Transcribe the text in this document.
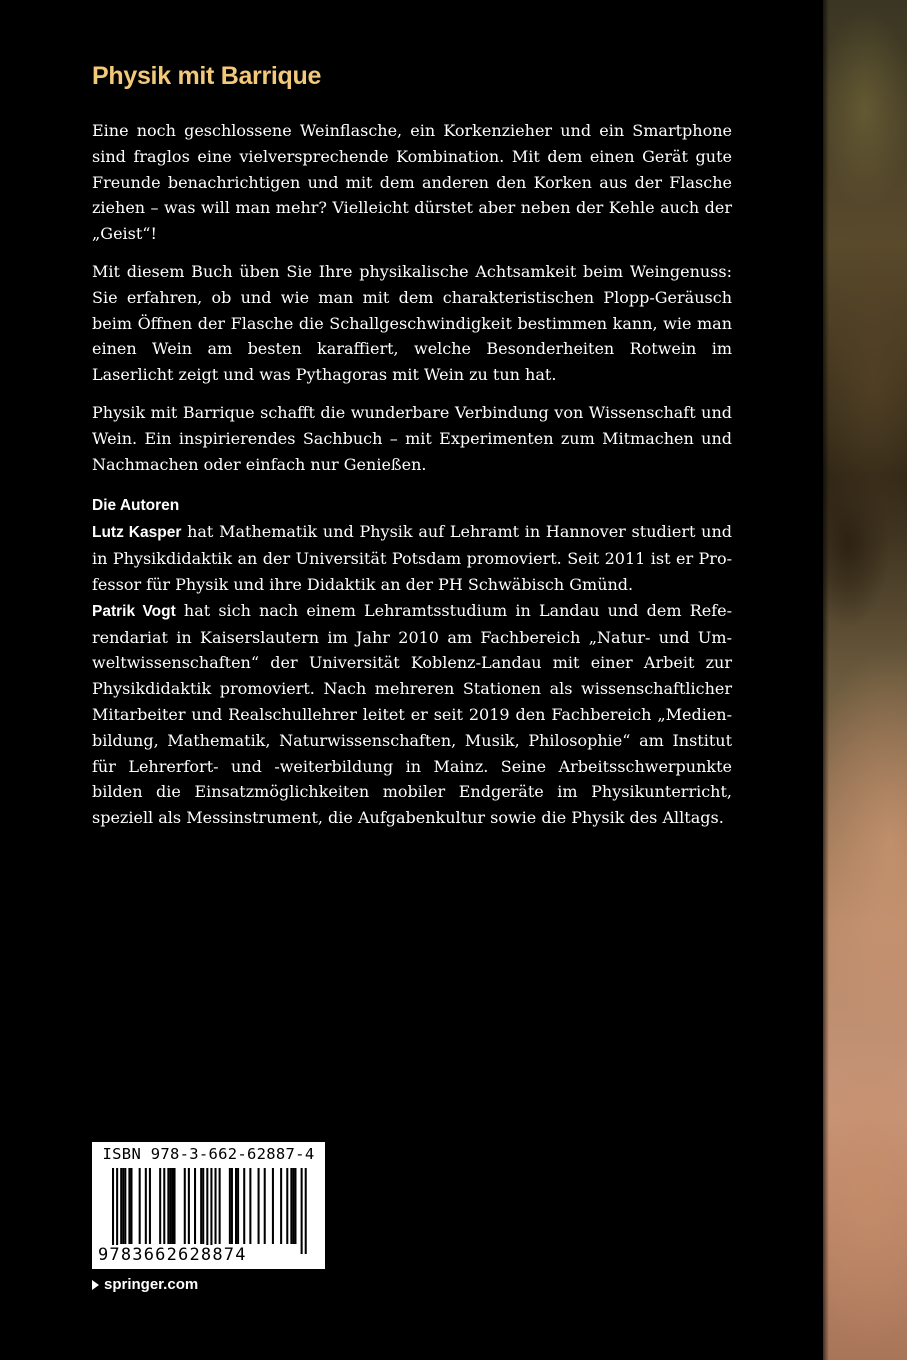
Physik mit Barrique

Eine noch geschlossene Weinflasche, ein Korkenzieher und ein Smartphone sind fraglos eine vielversprechende Kombination. Mit dem einen Gerät gute Freunde benachrichtigen und mit dem anderen den Korken aus der Flasche ziehen – was will man mehr? Vielleicht dürstet aber neben der Kehle auch der „Geist“!

Mit diesem Buch üben Sie Ihre physikalische Achtsamkeit beim Weingenuss: Sie erfahren, ob und wie man mit dem charakteristischen Plopp-Geräusch beim Öffnen der Flasche die Schallgeschwindigkeit bestimmen kann, wie man einen Wein am besten karaffiert, welche Besonderheiten Rotwein im Laserlicht zeigt und was Pythagoras mit Wein zu tun hat.

Physik mit Barrique schafft die wunderbare Verbindung von Wissenschaft und Wein. Ein inspirierendes Sachbuch – mit Experimenten zum Mitmachen und Nachmachen oder einfach nur Genießen.

Die Autoren

Lutz Kasper hat Mathematik und Physik auf Lehramt in Hannover studiert und in Physikdidaktik an der Universität Potsdam promoviert. Seit 2011 ist er Professor für Physik und ihre Didaktik an der PH Schwäbisch Gmünd.

Patrik Vogt hat sich nach einem Lehramtsstudium in Landau und dem Referendariat in Kaiserslautern im Jahr 2010 am Fachbereich „Natur- und Umweltwissenschaften“ der Universität Koblenz-Landau mit einer Arbeit zur Physikdidaktik promoviert. Nach mehreren Stationen als wissenschaftlicher Mitarbeiter und Realschullehrer leitet er seit 2019 den Fachbereich „Medienbildung, Mathematik, Naturwissenschaften, Musik, Philosophie“ am Institut für Lehrerfort- und -weiterbildung in Mainz. Seine Arbeitsschwerpunkte bilden die Einsatzmöglichkeiten mobiler Endgeräte im Physikunterricht, speziell als Messinstrument, die Aufgabenkultur sowie die Physik des Alltags.

ISBN 978-3-662-62887-4
9783662628874
springer.com
